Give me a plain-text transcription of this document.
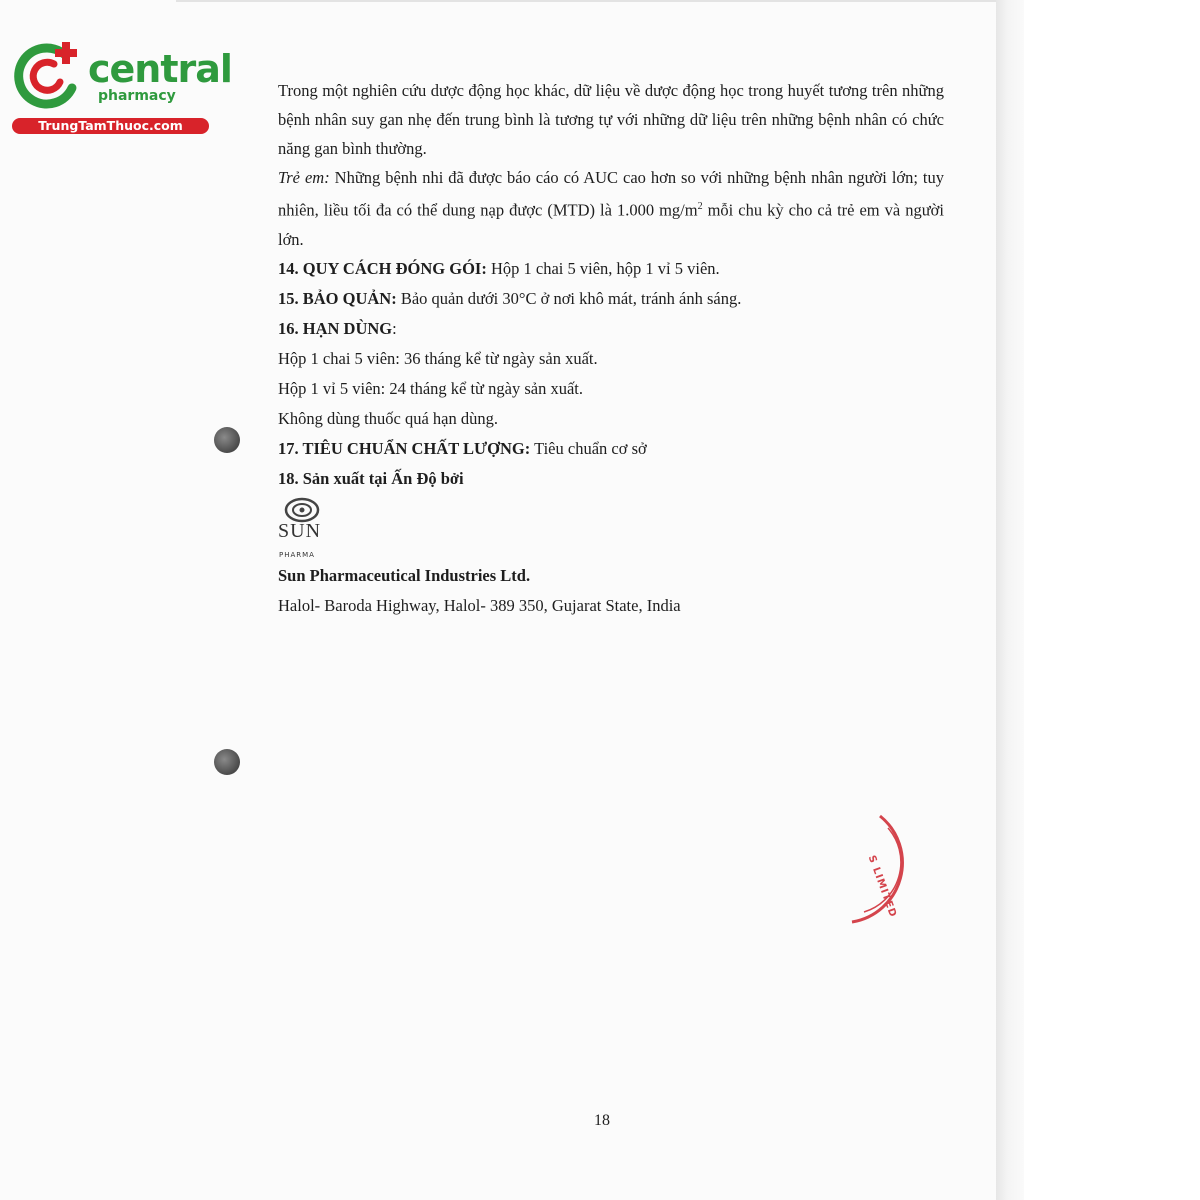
central
pharmacy
TrungTamThuoc.com

Trong một nghiên cứu dược động học khác, dữ liệu về dược động học trong huyết tương trên những bệnh nhân suy gan nhẹ đến trung bình là tương tự với những dữ liệu trên những bệnh nhân có chức năng gan bình thường.

Trẻ em: Những bệnh nhi đã được báo cáo có AUC cao hơn so với những bệnh nhân người lớn; tuy nhiên, liều tối đa có thể dung nạp được (MTD) là 1.000 $mg/m^2$ mỗi chu kỳ cho cả trẻ em và người lớn.

14. QUY CÁCH ĐÓNG GÓI: Hộp 1 chai 5 viên, hộp 1 vỉ 5 viên.

15. BẢO QUẢN: Bảo quản dưới 30°C ở nơi khô mát, tránh ánh sáng.

16. HẠN DÙNG:

Hộp 1 chai 5 viên: 36 tháng kể từ ngày sản xuất.

Hộp 1 vỉ 5 viên: 24 tháng kể từ ngày sản xuất.

Không dùng thuốc quá hạn dùng.

17. TIÊU CHUẨN CHẤT LƯỢNG: Tiêu chuẩn cơ sở

18. Sản xuất tại Ấn Độ bởi

SUN
PHARMA

Sun Pharmaceutical Industries Ltd.

Halol- Baroda Highway, Halol- 389 350, Gujarat State, India

S LIMITED
18
